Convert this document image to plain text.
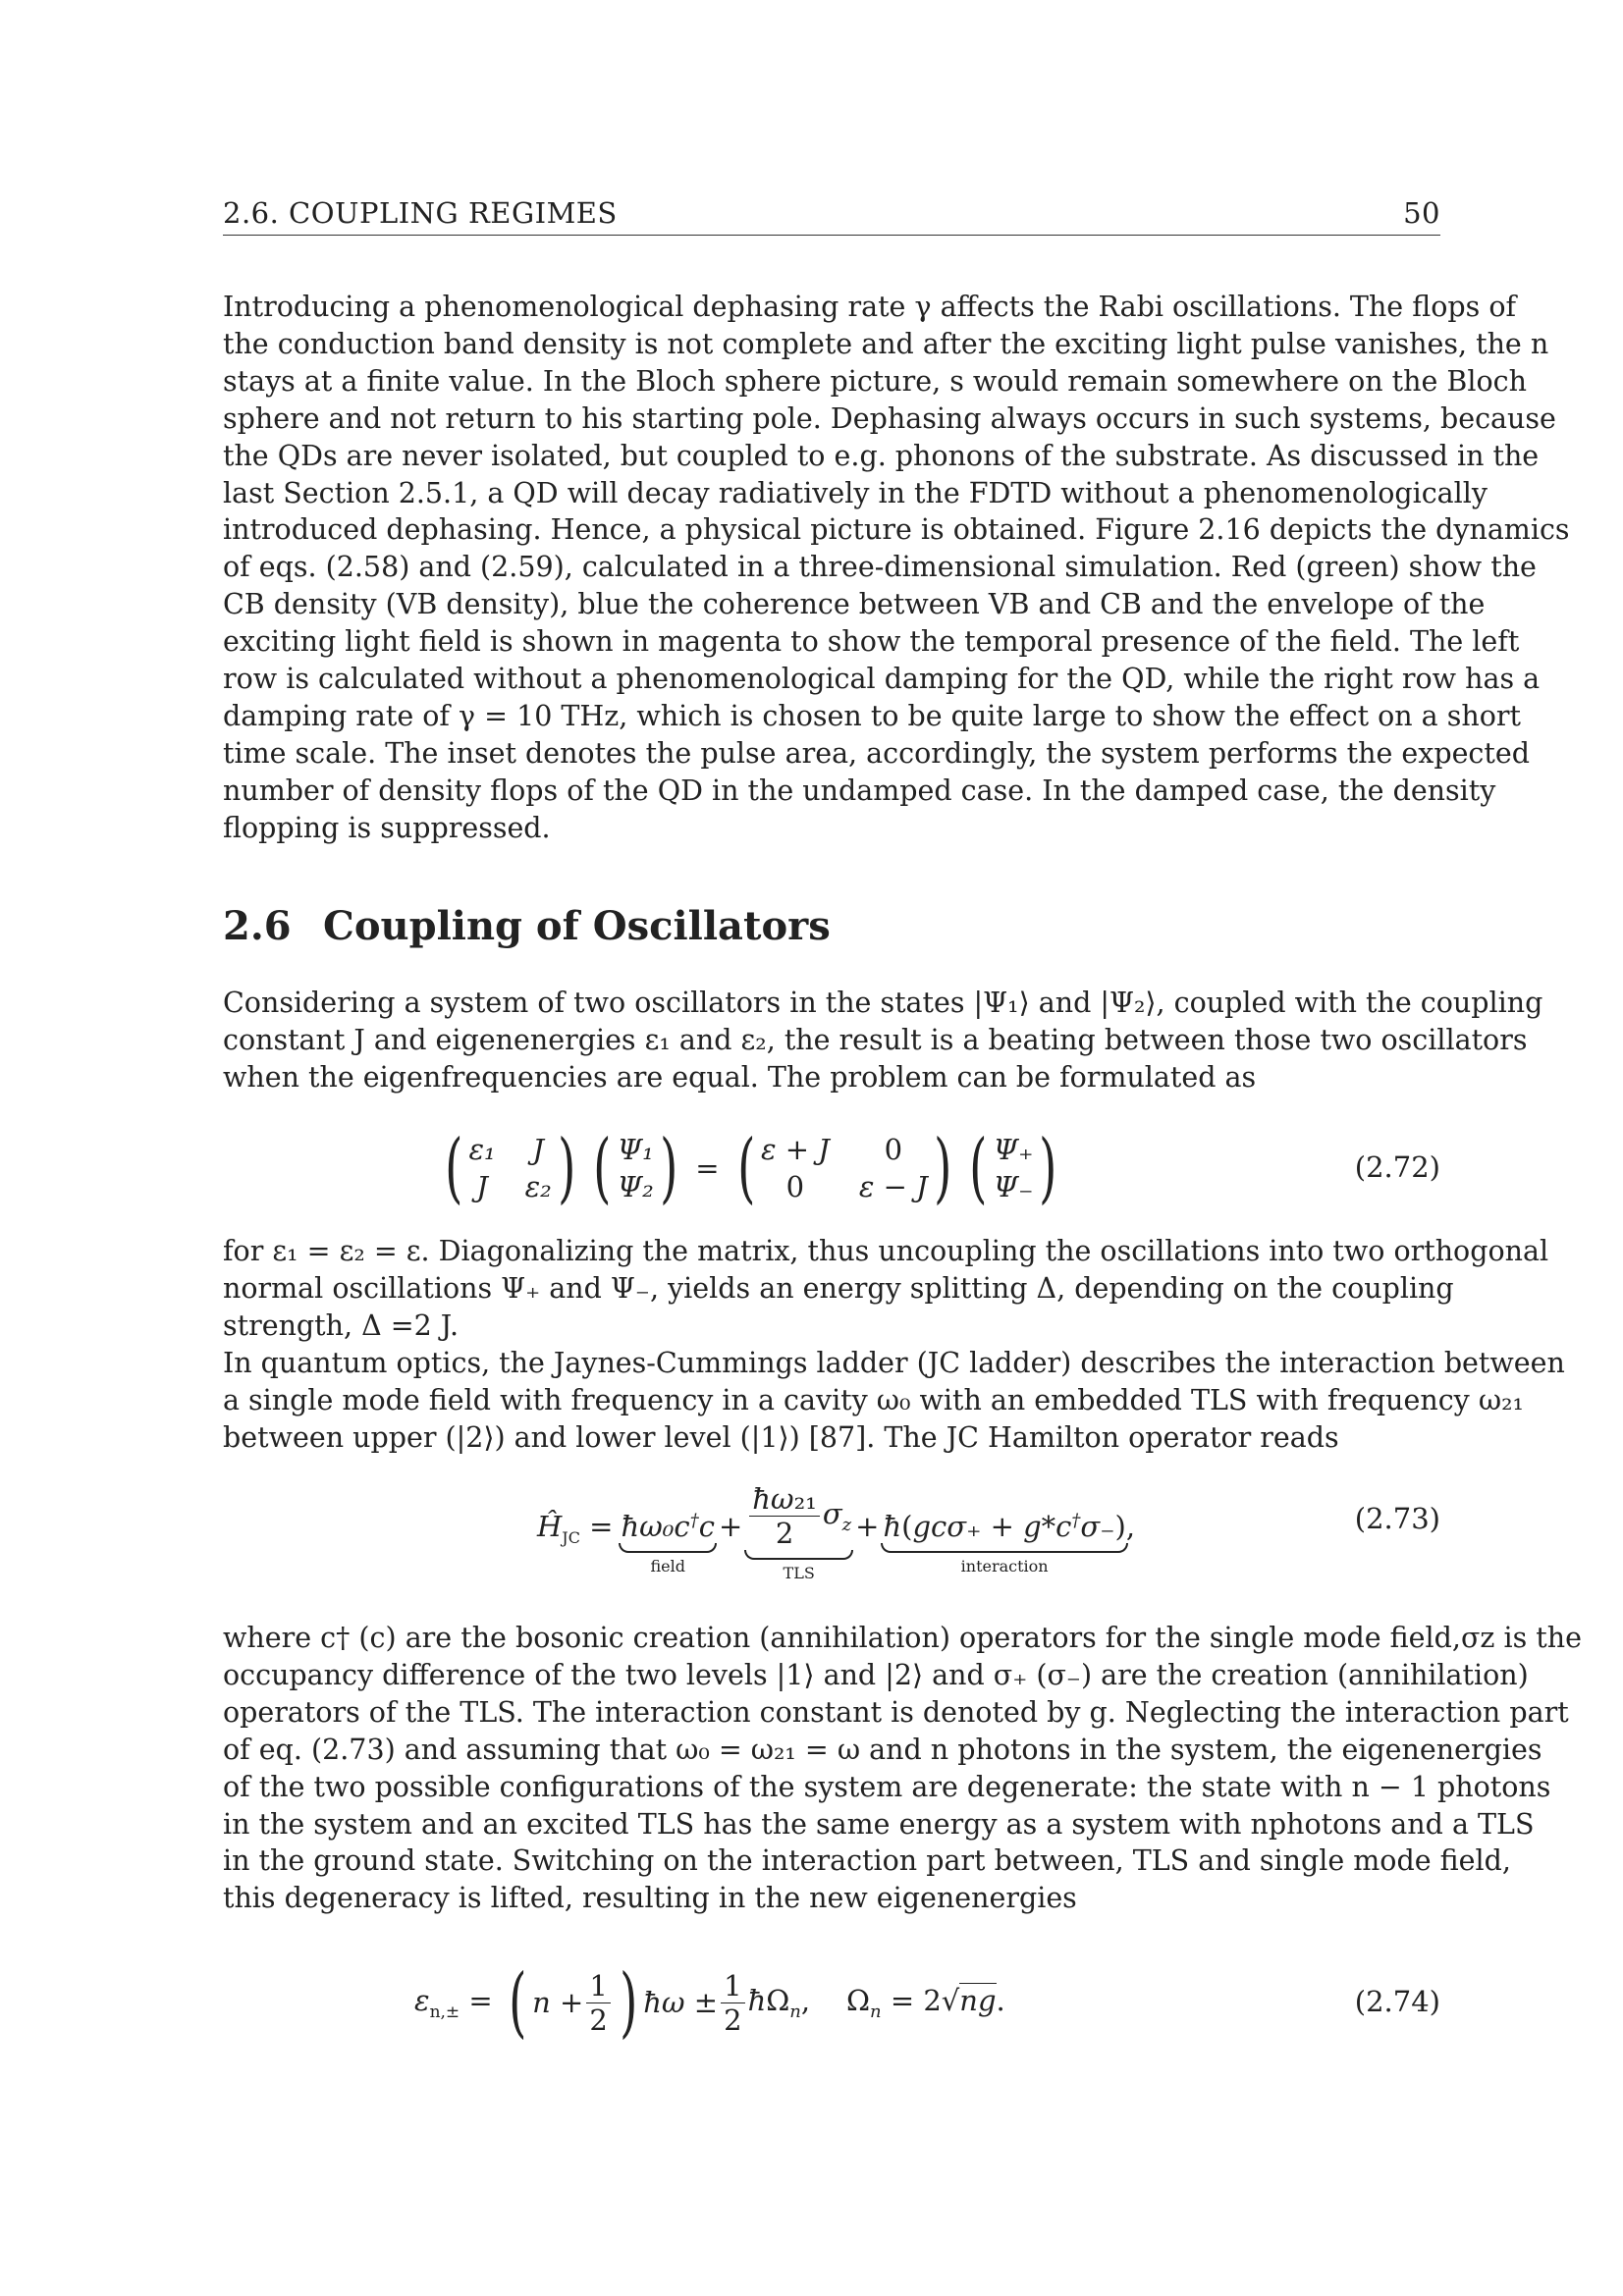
2.6. COUPLING REGIMES	50
Introducing a phenomenological dephasing rate γ affects the Rabi oscillations. The flops of
the conduction band density is not complete and after the exciting light pulse vanishes, the n
stays at a finite value. In the Bloch sphere picture, s would remain somewhere on the Bloch
sphere and not return to his starting pole. Dephasing always occurs in such systems, because
the QDs are never isolated, but coupled to e.g. phonons of the substrate. As discussed in the
last Section 2.5.1, a QD will decay radiatively in the FDTD without a phenomenologically
introduced dephasing. Hence, a physical picture is obtained. Figure 2.16 depicts the dynamics
of eqs. (2.58) and (2.59), calculated in a three-dimensional simulation. Red (green) show the
CB density (VB density), blue the coherence between VB and CB and the envelope of the
exciting light field is shown in magenta to show the temporal presence of the field. The left
row is calculated without a phenomenological damping for the QD, while the right row has a
damping rate of γ = 10 THz, which is chosen to be quite large to show the effect on a short
time scale. The inset denotes the pulse area, accordingly, the system performs the expected
number of density flops of the QD in the undamped case. In the damped case, the density
flopping is suppressed.
2.6 Coupling of Oscillators
Considering a system of two oscillators in the states |Ψ₁⟩ and |Ψ₂⟩, coupled with the coupling
constant J and eigenenergies ε₁ and ε₂, the result is a beating between those two oscillators
when the eigenfrequencies are equal. The problem can be formulated as
( ε₁ J
J ε₂ ) ( Ψ₁
Ψ₂ ) = ( ε + J	0
0	ε − J ) ( Ψ₊
Ψ₋ )	(2.72)
for ε₁ = ε₂ = ε. Diagonalizing the matrix, thus uncoupling the oscillations into two orthogonal
normal oscillations Ψ₊ and Ψ₋, yields an energy splitting Δ, depending on the coupling
strength, Δ =2 J.
In quantum optics, the Jaynes-Cummings ladder (JC ladder) describes the interaction between
a single mode field with frequency in a cavity ω₀ with an embedded TLS with frequency ω₂₁
between upper (|2⟩) and lower level (|1⟩) [87]. The JC Hamilton operator reads
$Ĥ_{JC}$ = ħω₀c†c
field
+ $\frac{\text{ħω₂₁}}{2} \sigma_z$
TLS
+ ħ(gcσ₊ + g*c†σ₋)
interaction
,	(2.73)
where c† (c) are the bosonic creation (annihilation) operators for the single mode field,σz is the
occupancy difference of the two levels |1⟩ and |2⟩ and σ₊ (σ₋) are the creation (annihilation)
operators of the TLS. The interaction constant is denoted by g. Neglecting the interaction part
of eq. (2.73) and assuming that ω₀ = ω₂₁ = ω and n photons in the system, the eigenenergies
of the two possible configurations of the system are degenerate: the state with n − 1 photons
in the system and an excited TLS has the same energy as a system with nphotons and a TLS
in the ground state. Switching on the interaction part between, TLS and single mode field,
this degeneracy is lifted, resulting in the new eigenenergies
$\varepsilon_{n,\pm}$ = ( $n + \frac{1}{2}$ ) ħω ± $\frac{1}{2}$ $ħ\Omega_n$,    $\Omega_n = 2√ng$.	(2.74)
